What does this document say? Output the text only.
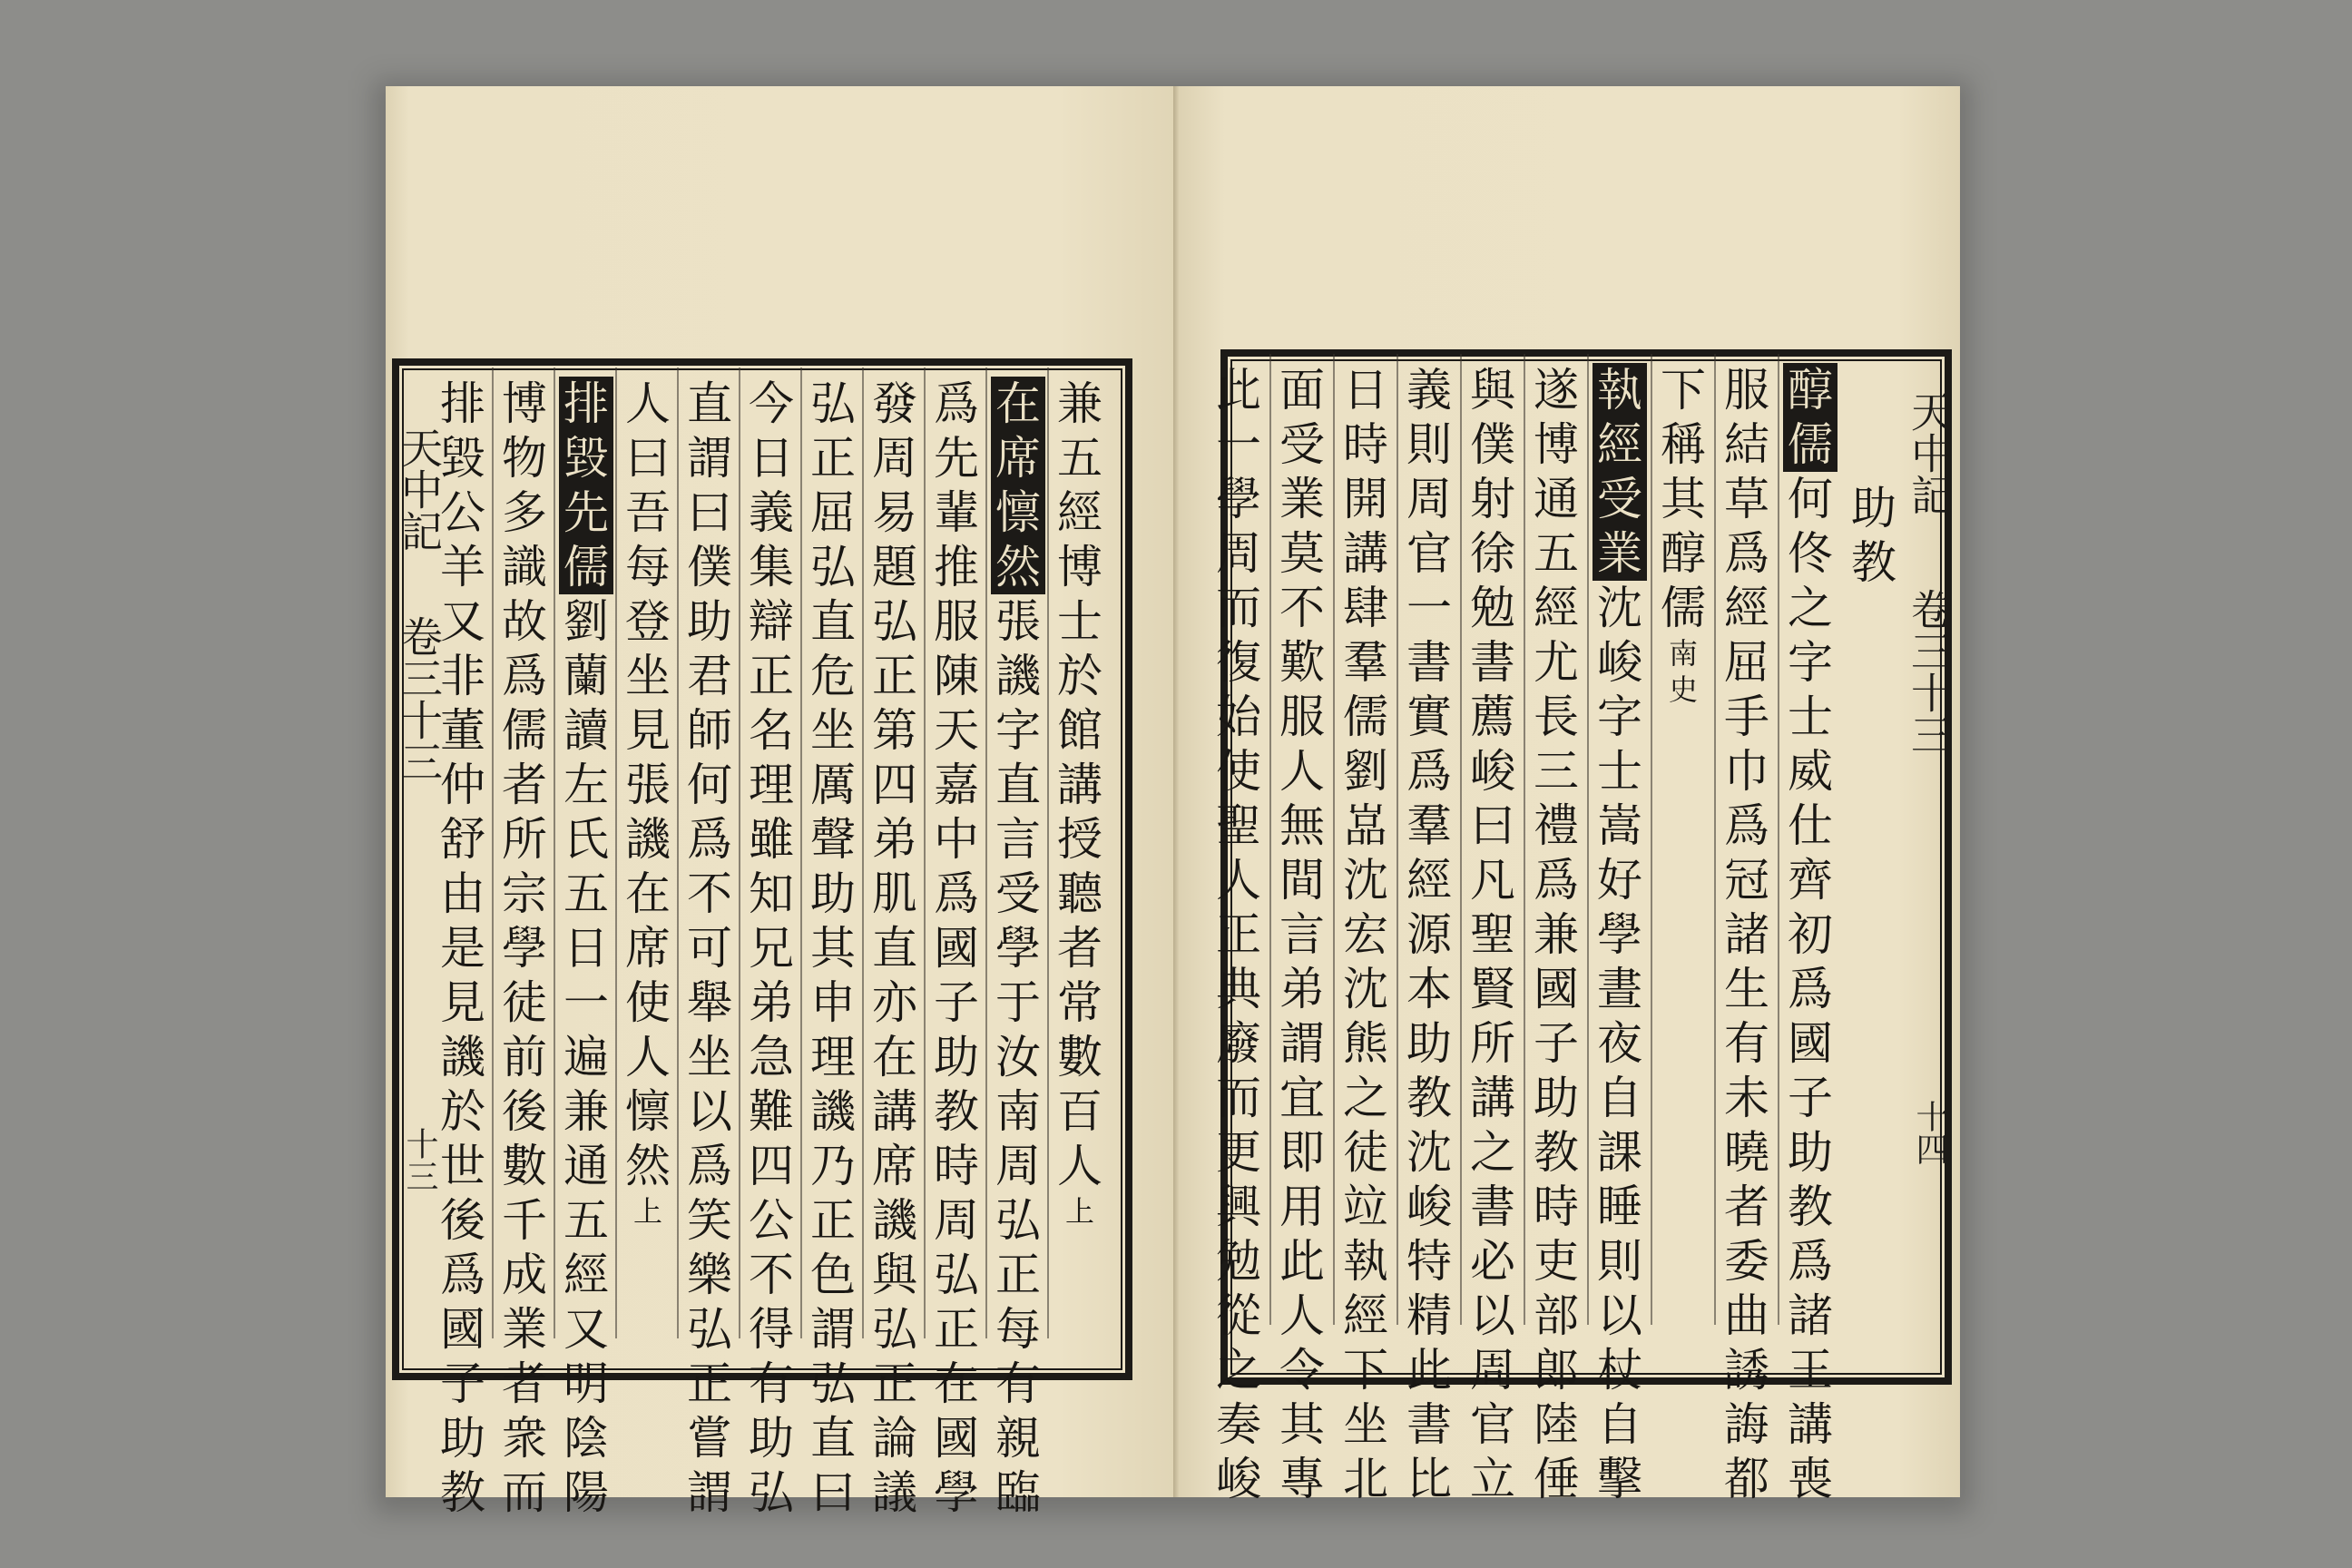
天中記
卷三十三
十三
天中記
卷三十三
十四
兼
五
經
博
士
於
館
講
授
聽
者
常
數
百
人
上
在
席
懔
然
張
譏
字
直
言
受
學
于
汝
南
周
弘
正
每
有
親
臨
爲
先
輩
推
服
陳
天
嘉
中
爲
國
子
助
教
時
周
弘
正
在
國
學
發
周
易
題
弘
正
第
四
弟
肌
直
亦
在
講
席
譏
與
弘
正
論
議
弘
正
屈
弘
直
危
坐
厲
聲
助
其
申
理
譏
乃
正
色
謂
弘
直
曰
今
日
義
集
辯
正
名
理
雖
知
兄
弟
急
難
四
公
不
得
有
助
弘
直
謂
曰
僕
助
君
師
何
爲
不
可
舉
坐
以
爲
笑
樂
弘
正
嘗
謂
人
曰
吾
每
登
坐
見
張
譏
在
席
使
人
懔
然
上
排
毀
先
儒
劉
蘭
讀
左
氏
五
日
一
遍
兼
通
五
經
又
明
陰
陽
博
物
多
識
故
爲
儒
者
所
宗
學
徒
前
後
數
千
成
業
者
衆
而
排
毀
公
羊
又
非
董
仲
舒
由
是
見
譏
於
世
後
爲
國
子
助
教
助
教
醇
儒
何
佟
之
字
士
威
仕
齊
初
爲
國
子
助
教
爲
諸
王
講
喪
服
結
草
爲
經
屈
手
巾
爲
冠
諸
生
有
未
曉
者
委
曲
誘
誨
都
下
稱
其
醇
儒
南
史
執
經
受
業
沈
峻
字
士
嵩
好
學
晝
夜
自
課
睡
則
以
杖
自
擊
遂
博
通
五
經
尤
長
三
禮
爲
兼
國
子
助
教
時
吏
部
郎
陸
倕
與
僕
射
徐
勉
書
薦
峻
曰
凡
聖
賢
所
講
之
書
必
以
周
官
立
義
則
周
官
一
書
實
爲
羣
經
源
本
助
教
沈
峻
特
精
此
書
比
日
時
開
講
肆
羣
儒
劉
嵓
沈
宏
沈
熊
之
徒
竝
執
經
下
坐
北
面
受
業
莫
不
歎
服
人
無
間
言
弟
謂
宜
即
用
此
人
令
其
專
此
一
學
周
而
復
始
使
聖
人
正
典
廢
而
更
興
勉
從
之
奏
峻
